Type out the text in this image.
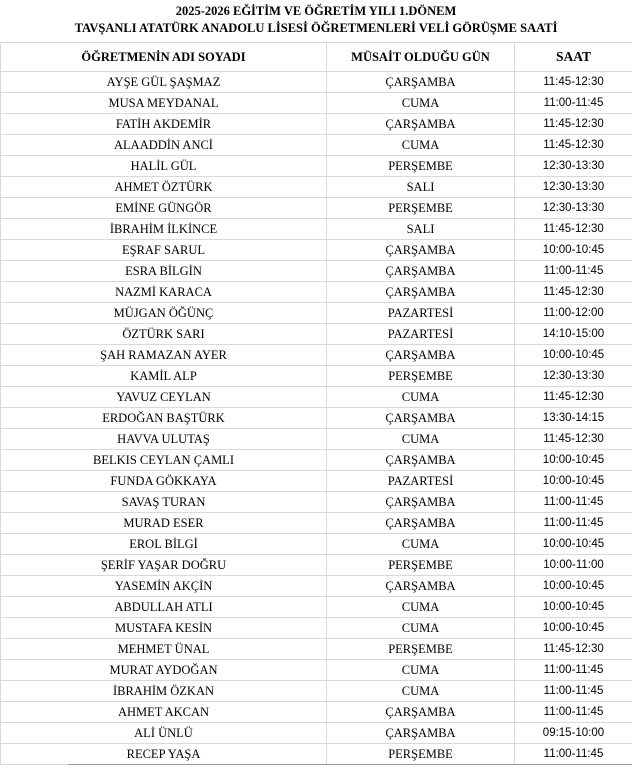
2025-2026 EĞİTİM VE ÖĞRETİM YILI 1.DÖNEM
TAVŞANLI ATATÜRK ANADOLU LİSESİ ÖĞRETMENLERİ VELİ GÖRÜŞME SAATİ
ÖĞRETMENİN ADI SOYADI	MÜSAİT OLDUĞU GÜN	SAAT
AYŞE GÜL ŞAŞMAZ	ÇARŞAMBA	11:45-12:30
MUSA MEYDANAL	CUMA	11:00-11:45
FATİH AKDEMİR	ÇARŞAMBA	11:45-12:30
ALAADDİN ANCİ	CUMA	11:45-12:30
HALİL GÜL	PERŞEMBE	12:30-13:30
AHMET ÖZTÜRK	SALI	12:30-13:30
EMİNE GÜNGÖR	PERŞEMBE	12:30-13:30
İBRAHİM İLKİNCE	SALI	11:45-12:30
EŞRAF SARUL	ÇARŞAMBA	10:00-10:45
ESRA BİLGİN	ÇARŞAMBA	11:00-11:45
NAZMİ KARACA	ÇARŞAMBA	11:45-12:30
MÜJGAN ÖĞÜNÇ	PAZARTESİ	11:00-12:00
ÖZTÜRK SARI	PAZARTESİ	14:10-15:00
ŞAH RAMAZAN AYER	ÇARŞAMBA	10:00-10:45
KAMİL ALP	PERŞEMBE	12:30-13:30
YAVUZ CEYLAN	CUMA	11:45-12:30
ERDOĞAN BAŞTÜRK	ÇARŞAMBA	13:30-14:15
HAVVA ULUTAŞ	CUMA	11:45-12:30
BELKIS CEYLAN ÇAMLI	ÇARŞAMBA	10:00-10:45
FUNDA GÖKKAYA	PAZARTESİ	10:00-10:45
SAVAŞ TURAN	ÇARŞAMBA	11:00-11:45
MURAD ESER	ÇARŞAMBA	11:00-11:45
EROL BİLGİ	CUMA	10:00-10:45
ŞERİF YAŞAR DOĞRU	PERŞEMBE	10:00-11:00
YASEMİN AKÇİN	ÇARŞAMBA	10:00-10:45
ABDULLAH ATLI	CUMA	10:00-10:45
MUSTAFA KESİN	CUMA	10:00-10:45
MEHMET ÜNAL	PERŞEMBE	11:45-12:30
MURAT AYDOĞAN	CUMA	11:00-11:45
İBRAHİM ÖZKAN	CUMA	11:00-11:45
AHMET AKCAN	ÇARŞAMBA	11:00-11:45
ALİ ÜNLÜ	ÇARŞAMBA	09:15-10:00
RECEP YAŞA	PERŞEMBE	11:00-11:45
